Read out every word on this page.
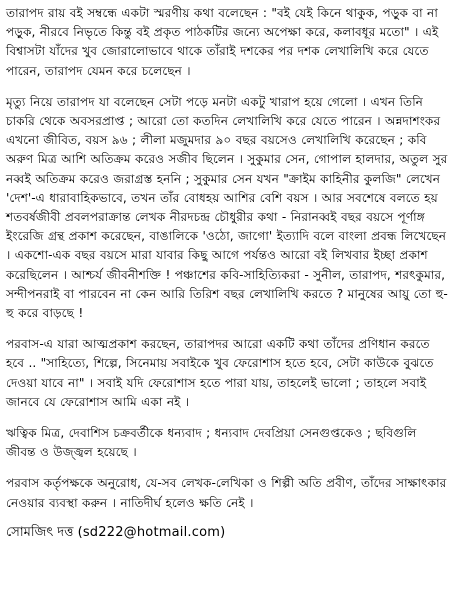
তারাপদ রায় বই সম্বন্ধে একটা স্মরণীয় কথা বলেছেন : "বই যেই কিনে থাকুক, পড়ুক বা না পড়ুক, নীরবে নিভৃতে কিন্তু বই প্রকৃত পাঠকটির জন্যে অপেক্ষা করে, কলাবধূর মতো" । এই বিশ্বাসটা যাঁদের খুব জোরালোভাবে থাকে তাঁরাই দশকের পর দশক লেখালিখি করে যেতে পারেন, তারাপদ যেমন করে চলেছেন ।

মৃত্যু নিয়ে তারাপদ যা বলেছেন সেটা পড়ে মনটা একটু খারাপ হয়ে গেলো । এখন তিনি চাকরি থেকে অবসরপ্রাপ্ত ; আরো তো কতদিন লেখালিখি করে যেতে পারেন । অন্নদাশংকর এখনো জীবিত, বয়স ৯৬ ; লীলা মজুমদার ৯০ বছর বয়সেও লেখালিখি করেছেন ; কবি অরুণ মিত্র আশি অতিক্রম করেও সজীব ছিলেন । সুকুমার সেন, গোপাল হালদার, অতুল সুর নব্বই অতিক্রম করেও জরাগ্রস্ত হননি ; সুকুমার সেন যখন "ক্রাইম কাহিনীর কুলজি" লেখেন 'দেশ'-এ ধারাবাহিকভাবে, তখন তাঁর বোধহয় আশির বেশি বয়স । আর সবশেষে বলতে হয় শতবর্ষজীবী প্রবলপরাক্রান্ত লেখক নীরদচন্দ্র চৌধুরীর কথা - নিরানব্বই বছর বয়সে পূর্ণাঙ্গ ইংরেজি গ্রন্থ প্রকাশ করেছেন, বাঙালিকে 'ওঠো, জাগো' ইত্যাদি বলে বাংলা প্রবন্ধ লিখেছেন । একশো-এক বছর বয়সে মারা যাবার কিছু আগে পর্যন্তও আরো বই লিখবার ইচ্ছা প্রকাশ করেছিলেন । আশ্চর্য জীবনীশক্তি ! পঞ্চাশের কবি-সাহিত্যিকরা - সুনীল, তারাপদ, শরৎকুমার, সন্দীপনরাই বা পারবেন না কেন আরি তিরিশ বছর লেখালিখি করতে ? মানুষের আয়ু তো হু-হু করে বাড়ছে !

পরবাস-এ যারা আত্মপ্রকাশ করছেন, তারাপদর আরো একটি কথা তাঁদের প্রণিধান করতে হবে .. "সাহিত্যে, শিল্পে, সিনেমায় সবাইকে খুব ফেরোশাস হতে হবে, সেটা কাউকে বুঝতে দেওয়া যাবে না" । সবাই যদি ফেরোশাস হতে পারা যায়, তাহলেই ভালো ; তাহলে সবাই জানবে যে ফেরোশাস আমি একা নই ।

ঋত্বিক মিত্র, দেবাশিস চক্রবর্তীকে ধন্যবাদ ; ধন্যবাদ দেবপ্রিয়া সেনগুপ্তকেও ; ছবিগুলি জীবন্ত ও উজ্জ্বল হয়েছে ।

পরবাস কর্তৃপক্ষকে অনুরোধ, যে-সব লেখক-লেখিকা ও শিল্পী অতি প্রবীণ, তাঁদের সাক্ষাৎকার নেওয়ার ব্যবস্থা করুন । নাতিদীর্ঘ হলেও ক্ষতি নেই ।

সোমজিৎ দত্ত (sd222@hotmail.com)
